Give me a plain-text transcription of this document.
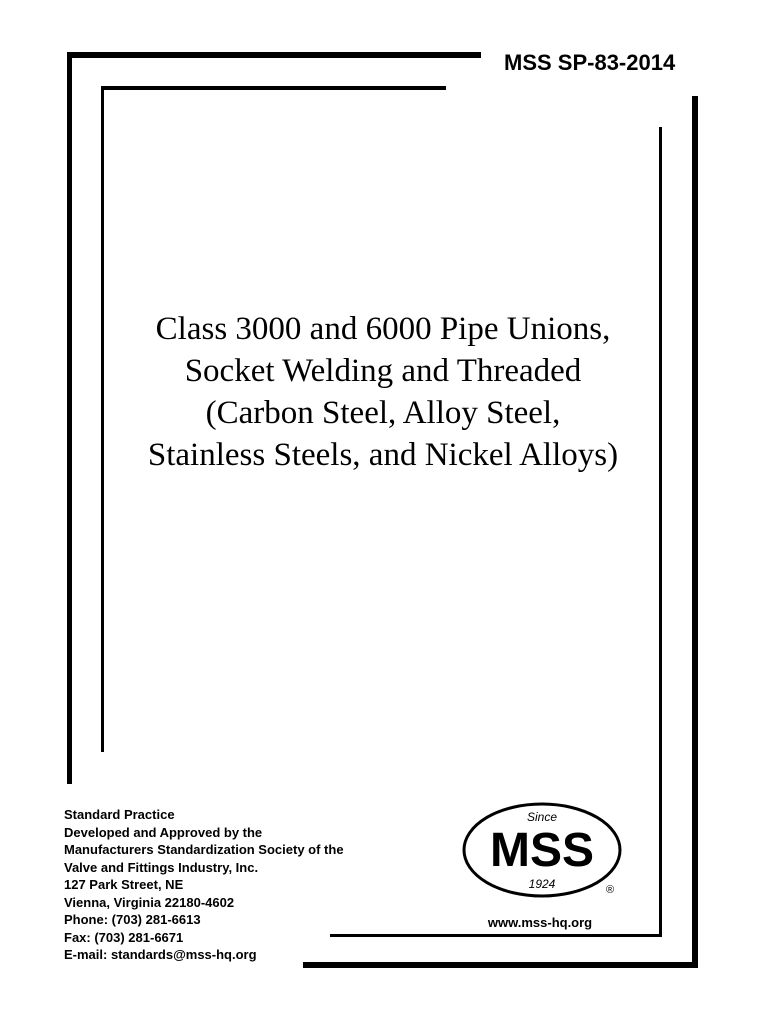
MSS SP-83-2014
Class 3000 and 6000 Pipe Unions,
Socket Welding and Threaded
(Carbon Steel, Alloy Steel,
Stainless Steels, and Nickel Alloys)
Standard Practice
Developed and Approved by the
Manufacturers Standardization Society of the
Valve and Fittings Industry, Inc.
127 Park Street, NE
Vienna, Virginia 22180-4602
Phone: (703) 281-6613
Fax: (703) 281-6671
E-mail: standards@mss-hq.org
Since
MSS
1924	®
www.mss-hq.org
